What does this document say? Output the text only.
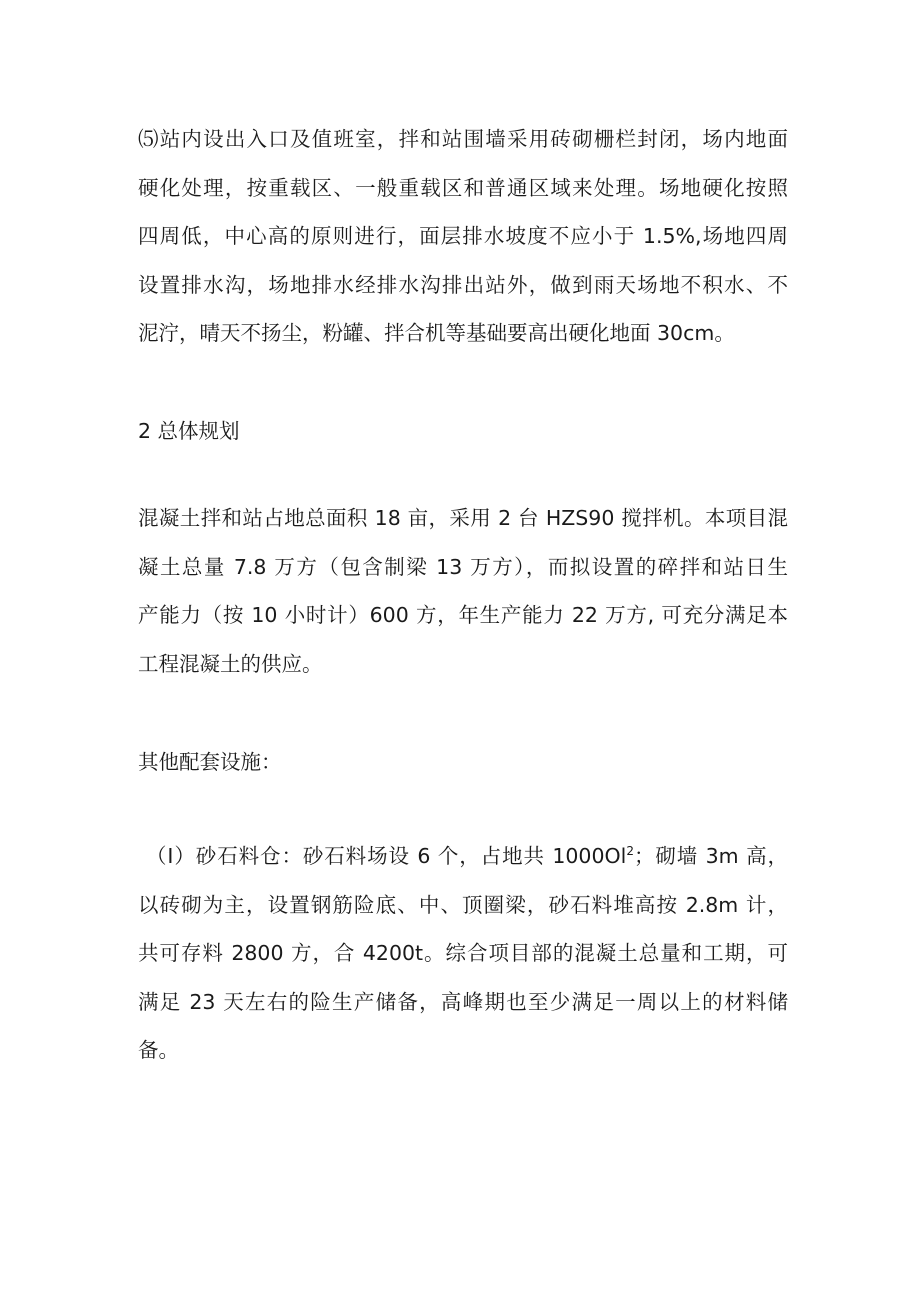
⑸站内设出入口及值班室，拌和站围墙采用砖砌栅栏封闭，场内地面
硬化处理，按重载区、一般重载区和普通区域来处理。场地硬化按照
四周低，中心高的原则进行，面层排水坡度不应小于 1.5%,场地四周
设置排水沟，场地排水经排水沟排出站外，做到雨天场地不积水、不
泥泞，晴天不扬尘，粉罐、拌合机等基础要高出硬化地面 30cm。
2 总体规划
混凝土拌和站占地总面积 18 亩，采用 2 台 HZS90 搅拌机。本项目混
凝土总量 7.8 万方（包含制梁 13 万方），而拟设置的碎拌和站日生
产能力（按 10 小时计）600 方，年生产能力 22 万方, 可充分满足本
工程混凝土的供应。
其他配套设施：
（I）砂石料仓：砂石料场设 6 个，占地共 1000Ol$^2$；砌墙 3m 高，
以砖砌为主，设置钢筋险底、中、顶圈梁，砂石料堆高按 2.8m 计，
共可存料 2800 方，合 4200t。综合项目部的混凝土总量和工期，可
满足 23 天左右的险生产储备，高峰期也至少满足一周以上的材料储
备。
